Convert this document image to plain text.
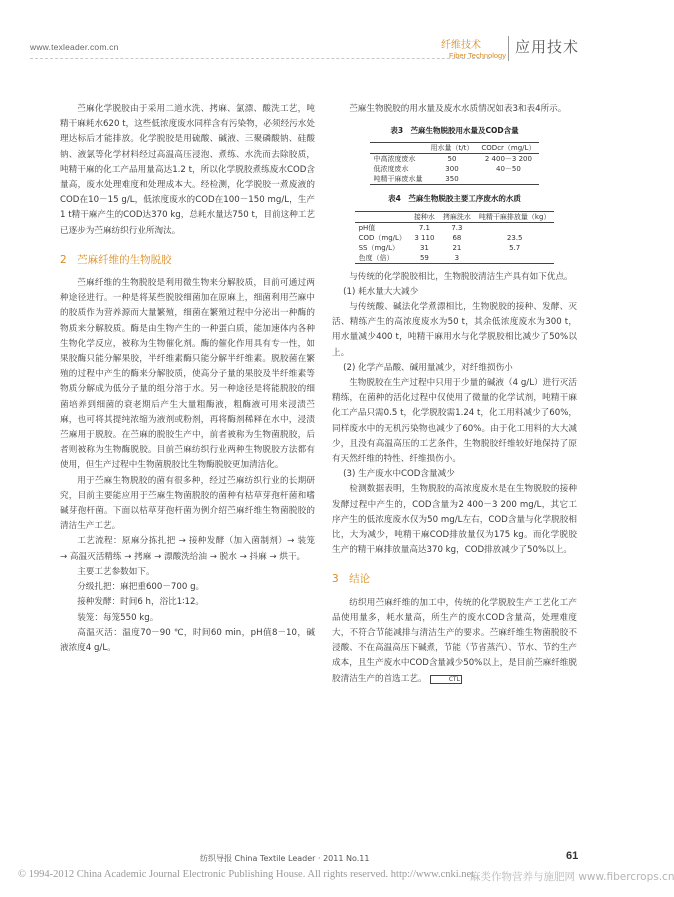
www.texleader.com.cn	纤维技术
Fiber Technology 应用技术

苎麻化学脱胶由于采用二道水洗、拷麻、氯漂、酸洗工艺，吨精干麻耗水620 t，这些低浓度废水同样含有污染物，必须经污水处理达标后才能排放。化学脱胶是用硫酸、碱液、三聚磷酸钠、硅酸钠、液氯等化学材料经过高温高压浸泡、煮练、水洗而去除胶质，吨精干麻的化工产品用量高达1.2 t，所以化学脱胶煮练废水COD含量高，废水处理难度和处理成本大。经检测，化学脱胶一煮废液的COD在10－15 g/L，低浓度废水的COD在100－150 mg/L，生产1 t精干麻产生的COD达370 kg，总耗水量达750 t，目前这种工艺已逐步为苎麻纺织行业所淘汰。

2　苎麻纤维的生物脱胶

苎麻纤维的生物脱胶是利用微生物来分解胶质，目前可通过两种途径进行。一种是将某些脱胶细菌加在原麻上，细菌利用苎麻中的胶质作为营养源而大量繁殖，细菌在繁殖过程中分泌出一种酶的物质来分解胶质。酶是由生物产生的一种蛋白质，能加速体内各种生物化学反应，被称为生物催化剂。酶的催化作用具有专一性，如果胶酶只能分解果胶，半纤维素酶只能分解半纤维素。脱胶菌在繁殖的过程中产生的酶来分解胶质，使高分子量的果胶及半纤维素等物质分解成为低分子量的组分溶于水。另一种途径是将能脱胶的细菌培养到细菌的衰老期后产生大量粗酶液，粗酶液可用来浸渍苎麻，也可将其提纯浓缩为液剂或粉剂，再将酶剂稀释在水中，浸渍苎麻用于脱胶。在苎麻的脱胶生产中，前者被称为生物菌脱胶，后者则被称为生物酶脱胶。目前苎麻纺织行业两种生物脱胶方法都有使用，但生产过程中生物菌脱胶比生物酶脱胶更加清洁化。

用于苎麻生物脱胶的菌有很多种，经过苎麻纺织行业的长期研究，目前主要能应用于苎麻生物菌脱胶的菌种有枯草芽孢杆菌和嗜碱芽孢杆菌。下面以枯草芽孢杆菌为例介绍苎麻纤维生物菌脱胶的清洁生产工艺。

工艺流程：原麻分拣扎把 → 接种发酵（加入菌制剂）→ 装笼 → 高温灭活精练 → 拷麻 → 漂酸洗给油 → 脱水 → 抖麻 → 烘干。

主要工艺参数如下。

分级扎把：麻把重600－700 g。

接种发酵：时间6 h，浴比1∶12。

装笼：每笼550 kg。

高温灭活：温度70－90 ℃，时间60 min，pH值8－10，碱液浓度4 g/L。

苎麻生物脱胶的用水量及废水水质情况如表3和表4所示。

表3　苎麻生物脱胶用水量及COD含量
	用水量（t/t）	CODcr（mg/L）
中高浓度废水	50	2 400－3 200
低浓度废水	300	40－50
吨精干麻废水量	350	
表4　苎麻生物脱胶主要工序废水的水质
	接种水	拷麻洗水	吨精干麻排放量（kg）
pH值	7.1	7.3	
COD（mg/L）	3 110	68	23.5
SS（mg/L）	31	21	5.7
色度（倍）	59	3	

与传统的化学脱胶相比，生物脱胶清洁生产具有如下优点。

(1) 耗水量大大减少

与传统酸、碱法化学煮漂相比，生物脱胶的接种、发酵、灭活、精练产生的高浓度废水为50 t，其余低浓度废水为300 t，用水量减少400 t，吨精干麻用水与化学脱胶相比减少了50%以上。

(2) 化学产品酸、碱用量减少，对纤维损伤小

生物脱胶在生产过程中只用于少量的碱液（4 g/L）进行灭活精练，在菌种的活化过程中仅使用了微量的化学试剂，吨精干麻化工产品只需0.5 t，化学脱胶需1.24 t，化工用料减少了60%，同样废水中的无机污染物也减少了60%。由于化工用料的大大减少，且没有高温高压的工艺条件，生物脱胶纤维较好地保持了原有天然纤维的特性、纤维损伤小。

(3) 生产废水中COD含量减少

检测数据表明，生物脱胶的高浓度废水是在生物脱胶的接种发酵过程中产生的，COD含量为2 400－3 200 mg/L，其它工序产生的低浓度废水仅为50 mg/L左右，COD含量与化学脱胶相比，大为减少，吨精干麻COD排放量仅为175 kg。而化学脱胶生产的精干麻排放量高达370 kg，COD排放减少了50%以上。

3　结论

纺织用苎麻纤维的加工中，传统的化学脱胶生产工艺化工产品使用量多，耗水量高，所生产的废水COD含量高，处理难度大，不符合节能减排与清洁生产的要求。苎麻纤维生物菌脱胶不浸酸、不在高温高压下碱煮，节能（节省蒸汽）、节水、节约生产成本，且生产废水中COD含量减少50%以上，是目前苎麻纤维脱胶清洁生产的首选工艺。	CTL

纺织导报 China Textile Leader · 2011 No.11	61
© 1994-2012 China Academic Journal Electronic Publishing House. All rights reserved. http://www.cnki.net
麻类作物营养与施肥网 www.fibercrops.cn
